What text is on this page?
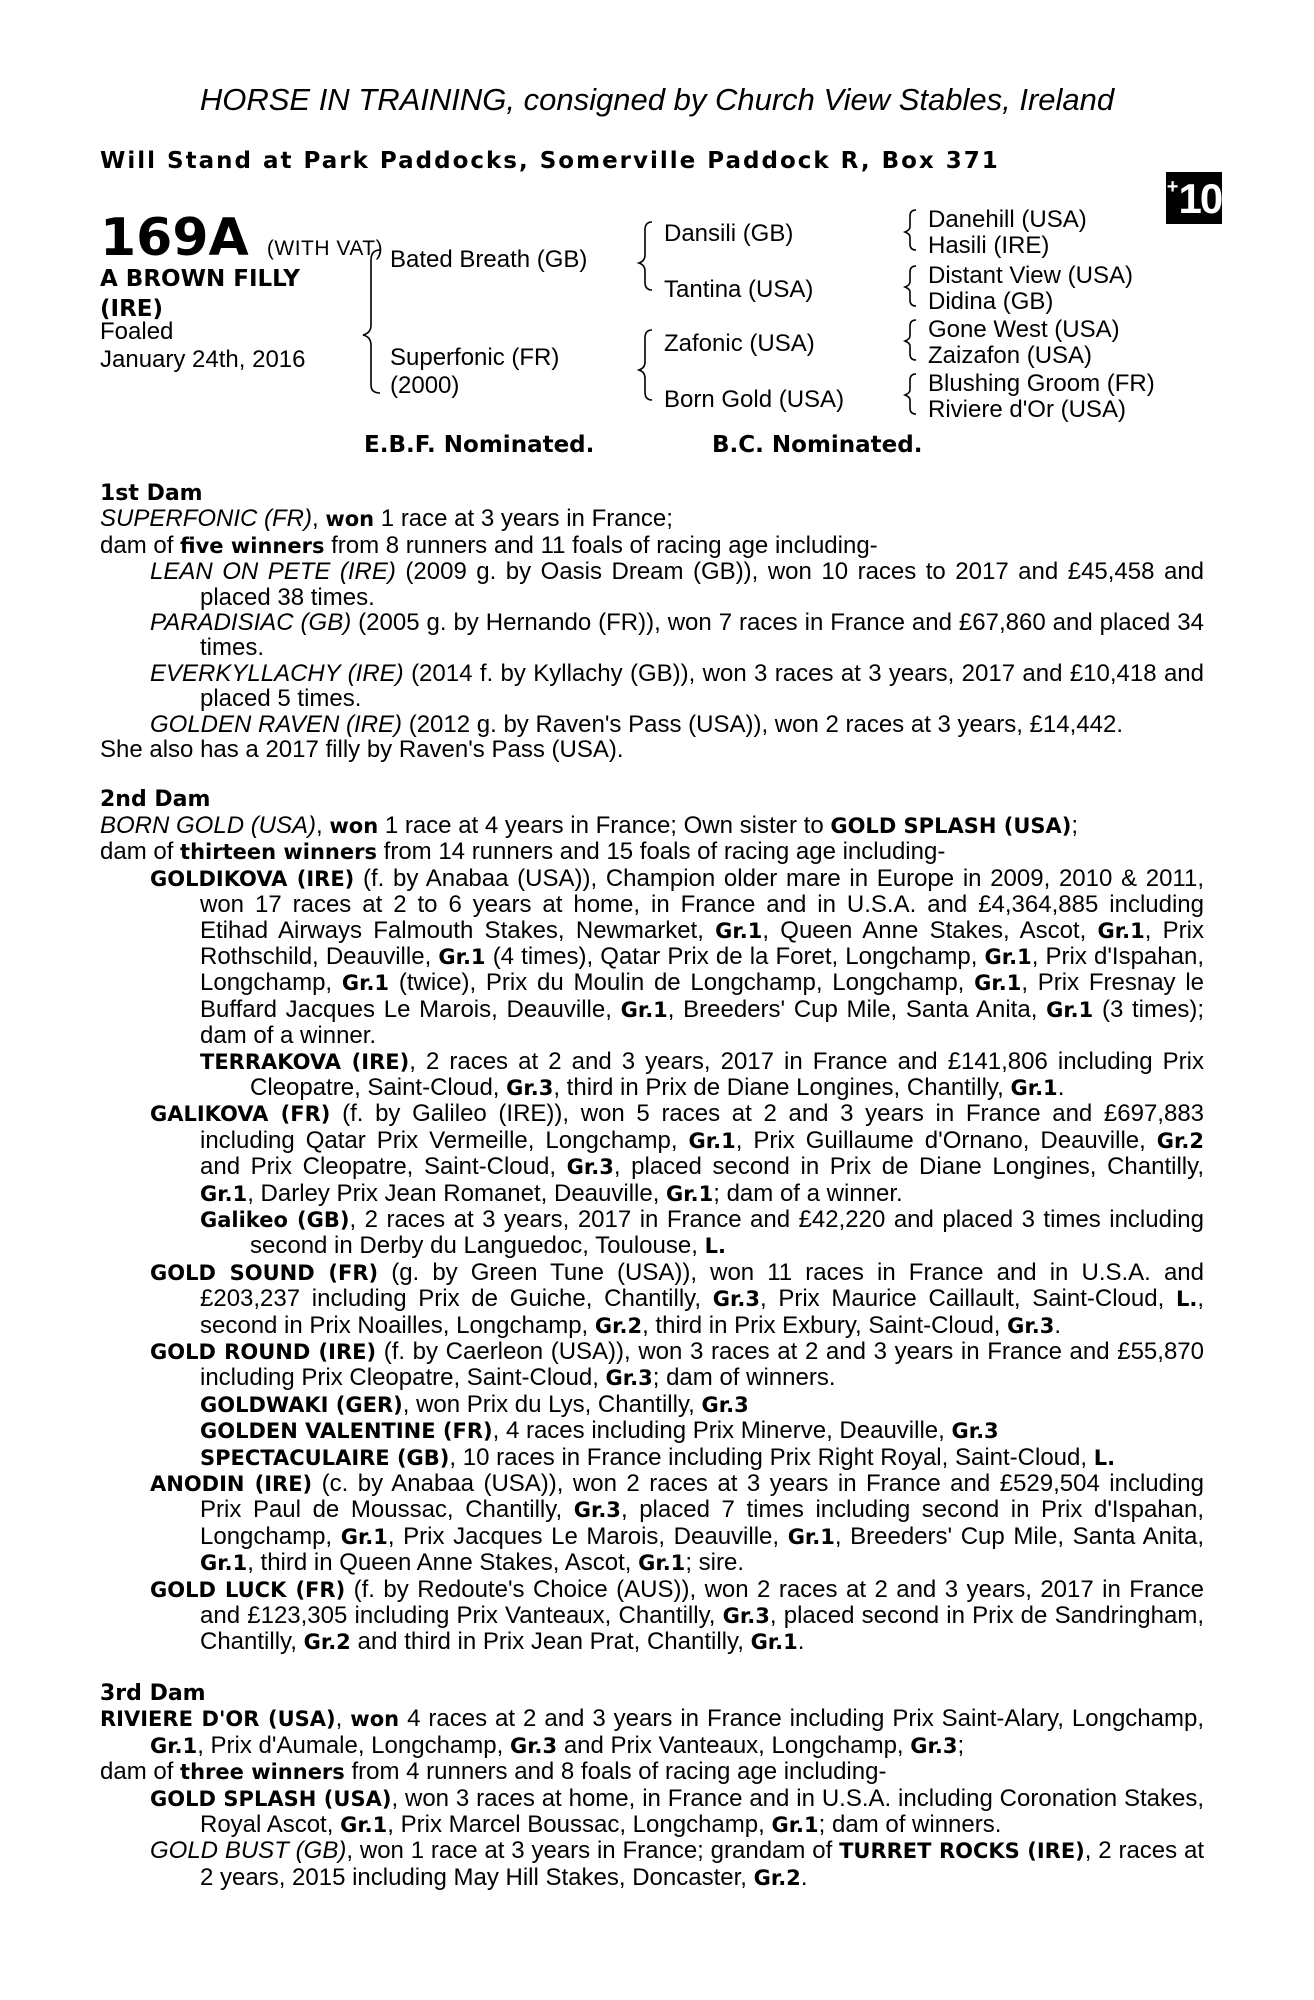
HORSE IN TRAINING, consigned by Church View Stables, Ireland
Will Stand at Park Paddocks, Somerville Paddock R, Box 371
+10
169A (WITH VAT)
A BROWN FILLY (IRE)
Foaled
January 24th, 2016
Bated Breath (GB)
Superfonic (FR)
(2000)
Dansili (GB)
Tantina (USA)
Zafonic (USA)
Born Gold (USA)
Danehill (USA)
Hasili (IRE)
Distant View (USA)
Didina (GB)
Gone West (USA)
Zaizafon (USA)
Blushing Groom (FR)
Riviere d'Or (USA)
E.B.F. Nominated.	B.C. Nominated.

1st Dam

SUPERFONIC (FR), won 1 race at 3 years in France;

dam of five winners from 8 runners and 11 foals of racing age including-

LEAN ON PETE (IRE) (2009 g. by Oasis Dream (GB)), won 10 races to 2017 and £45,458 and placed 38 times.

PARADISIAC (GB) (2005 g. by Hernando (FR)), won 7 races in France and £67,860 and placed 34 times.

EVERKYLLACHY (IRE) (2014 f. by Kyllachy (GB)), won 3 races at 3 years, 2017 and £10,418 and placed 5 times.

GOLDEN RAVEN (IRE) (2012 g. by Raven's Pass (USA)), won 2 races at 3 years, £14,442.

She also has a 2017 filly by Raven's Pass (USA).

2nd Dam

BORN GOLD (USA), won 1 race at 4 years in France; Own sister to GOLD SPLASH (USA);

dam of thirteen winners from 14 runners and 15 foals of racing age including-

GOLDIKOVA (IRE) (f. by Anabaa (USA)), Champion older mare in Europe in 2009, 2010 & 2011, won 17 races at 2 to 6 years at home, in France and in U.S.A. and £4,364,885 including Etihad Airways Falmouth Stakes, Newmarket, Gr.1, Queen Anne Stakes, Ascot, Gr.1, Prix Rothschild, Deauville, Gr.1 (4 times), Qatar Prix de la Foret, Longchamp, Gr.1, Prix d'Ispahan, Longchamp, Gr.1 (twice), Prix du Moulin de Longchamp, Longchamp, Gr.1, Prix Fresnay le Buffard Jacques Le Marois, Deauville, Gr.1, Breeders' Cup Mile, Santa Anita, Gr.1 (3 times); dam of a winner.

TERRAKOVA (IRE), 2 races at 2 and 3 years, 2017 in France and £141,806 including Prix Cleopatre, Saint-Cloud, Gr.3, third in Prix de Diane Longines, Chantilly, Gr.1.

GALIKOVA (FR) (f. by Galileo (IRE)), won 5 races at 2 and 3 years in France and £697,883 including Qatar Prix Vermeille, Longchamp, Gr.1, Prix Guillaume d'Ornano, Deauville, Gr.2 and Prix Cleopatre, Saint-Cloud, Gr.3, placed second in Prix de Diane Longines, Chantilly, Gr.1, Darley Prix Jean Romanet, Deauville, Gr.1; dam of a winner.

Galikeo (GB), 2 races at 3 years, 2017 in France and £42,220 and placed 3 times including second in Derby du Languedoc, Toulouse, L.

GOLD SOUND (FR) (g. by Green Tune (USA)), won 11 races in France and in U.S.A. and £203,237 including Prix de Guiche, Chantilly, Gr.3, Prix Maurice Caillault, Saint-Cloud, L., second in Prix Noailles, Longchamp, Gr.2, third in Prix Exbury, Saint-Cloud, Gr.3.

GOLD ROUND (IRE) (f. by Caerleon (USA)), won 3 races at 2 and 3 years in France and £55,870 including Prix Cleopatre, Saint-Cloud, Gr.3; dam of winners.

GOLDWAKI (GER), won Prix du Lys, Chantilly, Gr.3

GOLDEN VALENTINE (FR), 4 races including Prix Minerve, Deauville, Gr.3

SPECTACULAIRE (GB), 10 races in France including Prix Right Royal, Saint-Cloud, L.

ANODIN (IRE) (c. by Anabaa (USA)), won 2 races at 3 years in France and £529,504 including Prix Paul de Moussac, Chantilly, Gr.3, placed 7 times including second in Prix d'Ispahan, Longchamp, Gr.1, Prix Jacques Le Marois, Deauville, Gr.1, Breeders' Cup Mile, Santa Anita, Gr.1, third in Queen Anne Stakes, Ascot, Gr.1; sire.

GOLD LUCK (FR) (f. by Redoute's Choice (AUS)), won 2 races at 2 and 3 years, 2017 in France and £123,305 including Prix Vanteaux, Chantilly, Gr.3, placed second in Prix de Sandringham, Chantilly, Gr.2 and third in Prix Jean Prat, Chantilly, Gr.1.

3rd Dam

RIVIERE D'OR (USA), won 4 races at 2 and 3 years in France including Prix Saint-Alary, Longchamp, Gr.1, Prix d'Aumale, Longchamp, Gr.3 and Prix Vanteaux, Longchamp, Gr.3;

dam of three winners from 4 runners and 8 foals of racing age including-

GOLD SPLASH (USA), won 3 races at home, in France and in U.S.A. including Coronation Stakes, Royal Ascot, Gr.1, Prix Marcel Boussac, Longchamp, Gr.1; dam of winners.

GOLD BUST (GB), won 1 race at 3 years in France; grandam of TURRET ROCKS (IRE), 2 races at 2 years, 2015 including May Hill Stakes, Doncaster, Gr.2.
